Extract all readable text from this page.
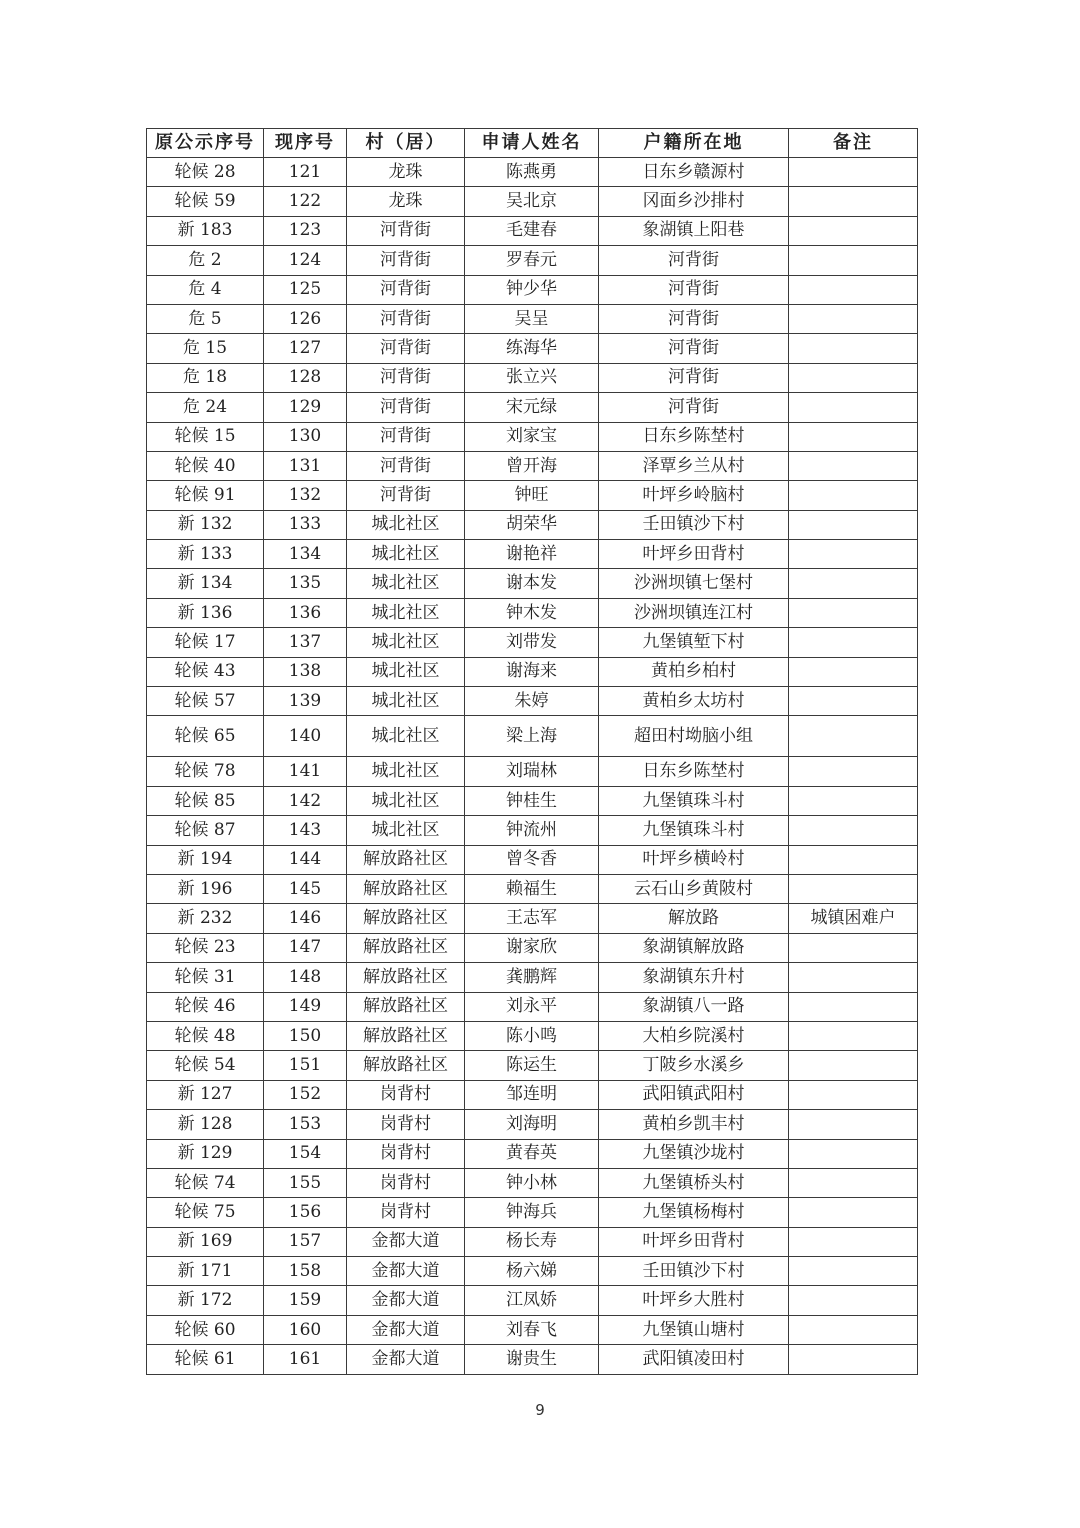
原公示序号	现序号	村（居）	申请人姓名	户籍所在地	备注
轮候 28	121	龙珠	陈燕勇	日东乡赣源村	
轮候 59	122	龙珠	吴北京	冈面乡沙排村	
新 183	123	河背街	毛建春	象湖镇上阳巷	
危 2	124	河背街	罗春元	河背街	
危 4	125	河背街	钟少华	河背街	
危 5	126	河背街	吴呈	河背街	
危 15	127	河背街	练海华	河背街	
危 18	128	河背街	张立兴	河背街	
危 24	129	河背街	宋元绿	河背街	
轮候 15	130	河背街	刘家宝	日东乡陈埜村	
轮候 40	131	河背街	曾开海	泽覃乡兰从村	
轮候 91	132	河背街	钟旺	叶坪乡岭脑村	
新 132	133	城北社区	胡荣华	壬田镇沙下村	
新 133	134	城北社区	谢艳祥	叶坪乡田背村	
新 134	135	城北社区	谢本发	沙洲坝镇七堡村	
新 136	136	城北社区	钟木发	沙洲坝镇连江村	
轮候 17	137	城北社区	刘带发	九堡镇堑下村	
轮候 43	138	城北社区	谢海来	黄柏乡柏村	
轮候 57	139	城北社区	朱婷	黄柏乡太坊村	
轮候 65	140	城北社区	梁上海	超田村坳脑小组	
轮候 78	141	城北社区	刘瑞林	日东乡陈埜村	
轮候 85	142	城北社区	钟桂生	九堡镇珠斗村	
轮候 87	143	城北社区	钟流州	九堡镇珠斗村	
新 194	144	解放路社区	曾冬香	叶坪乡横岭村	
新 196	145	解放路社区	赖福生	云石山乡黄陂村	
新 232	146	解放路社区	王志军	解放路	城镇困难户
轮候 23	147	解放路社区	谢家欣	象湖镇解放路	
轮候 31	148	解放路社区	龚鹏辉	象湖镇东升村	
轮候 46	149	解放路社区	刘永平	象湖镇八一路	
轮候 48	150	解放路社区	陈小鸣	大柏乡院溪村	
轮候 54	151	解放路社区	陈运生	丁陂乡水溪乡	
新 127	152	岗背村	邹连明	武阳镇武阳村	
新 128	153	岗背村	刘海明	黄柏乡凯丰村	
新 129	154	岗背村	黄春英	九堡镇沙垅村	
轮候 74	155	岗背村	钟小林	九堡镇桥头村	
轮候 75	156	岗背村	钟海兵	九堡镇杨梅村	
新 169	157	金都大道	杨长寿	叶坪乡田背村	
新 171	158	金都大道	杨六娣	壬田镇沙下村	
新 172	159	金都大道	江凤娇	叶坪乡大胜村	
轮候 60	160	金都大道	刘春飞	九堡镇山塘村	
轮候 61	161	金都大道	谢贵生	武阳镇凌田村	
9
